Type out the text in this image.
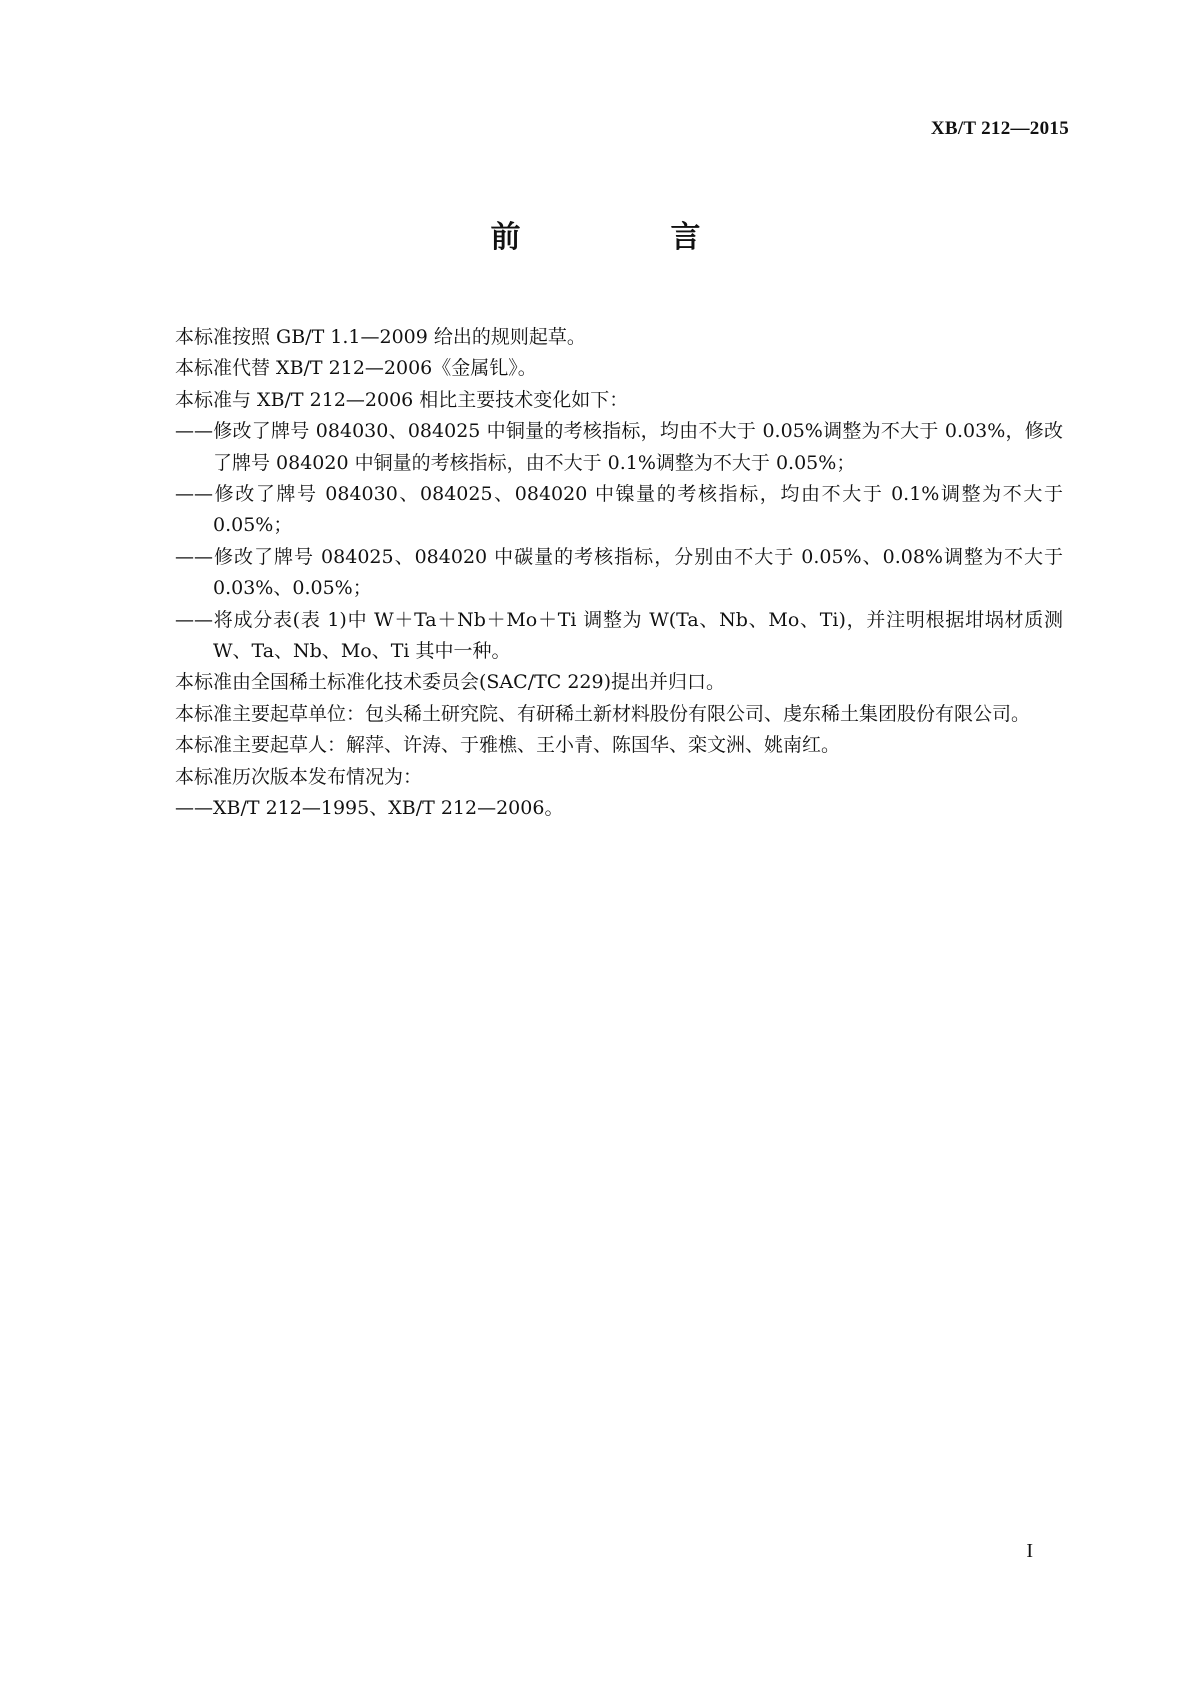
XB/T 212—2015
前　言

本标准按照 GB/T 1.1—2009 给出的规则起草。

本标准代替 XB/T 212—2006《金属钆》。

本标准与 XB/T 212—2006 相比主要技术变化如下：

——修改了牌号 084030、084025 中铜量的考核指标，均由不大于 0.05%调整为不大于 0.03%，修改了牌号 084020 中铜量的考核指标，由不大于 0.1%调整为不大于 0.05%；

——修改了牌号 084030、084025、084020 中镍量的考核指标，均由不大于 0.1%调整为不大于 0.05%；

——修改了牌号 084025、084020 中碳量的考核指标，分别由不大于 0.05%、0.08%调整为不大于 0.03%、0.05%；

——将成分表(表 1)中 W＋Ta＋Nb＋Mo＋Ti 调整为 W(Ta、Nb、Mo、Ti)，并注明根据坩埚材质测 W、Ta、Nb、Mo、Ti 其中一种。

本标准由全国稀土标准化技术委员会(SAC/TC 229)提出并归口。

本标准主要起草单位：包头稀土研究院、有研稀土新材料股份有限公司、虔东稀土集团股份有限公司。

本标准主要起草人：解萍、许涛、于雅樵、王小青、陈国华、栾文洲、姚南红。

本标准历次版本发布情况为：

——XB/T 212—1995、XB/T 212—2006。

I
